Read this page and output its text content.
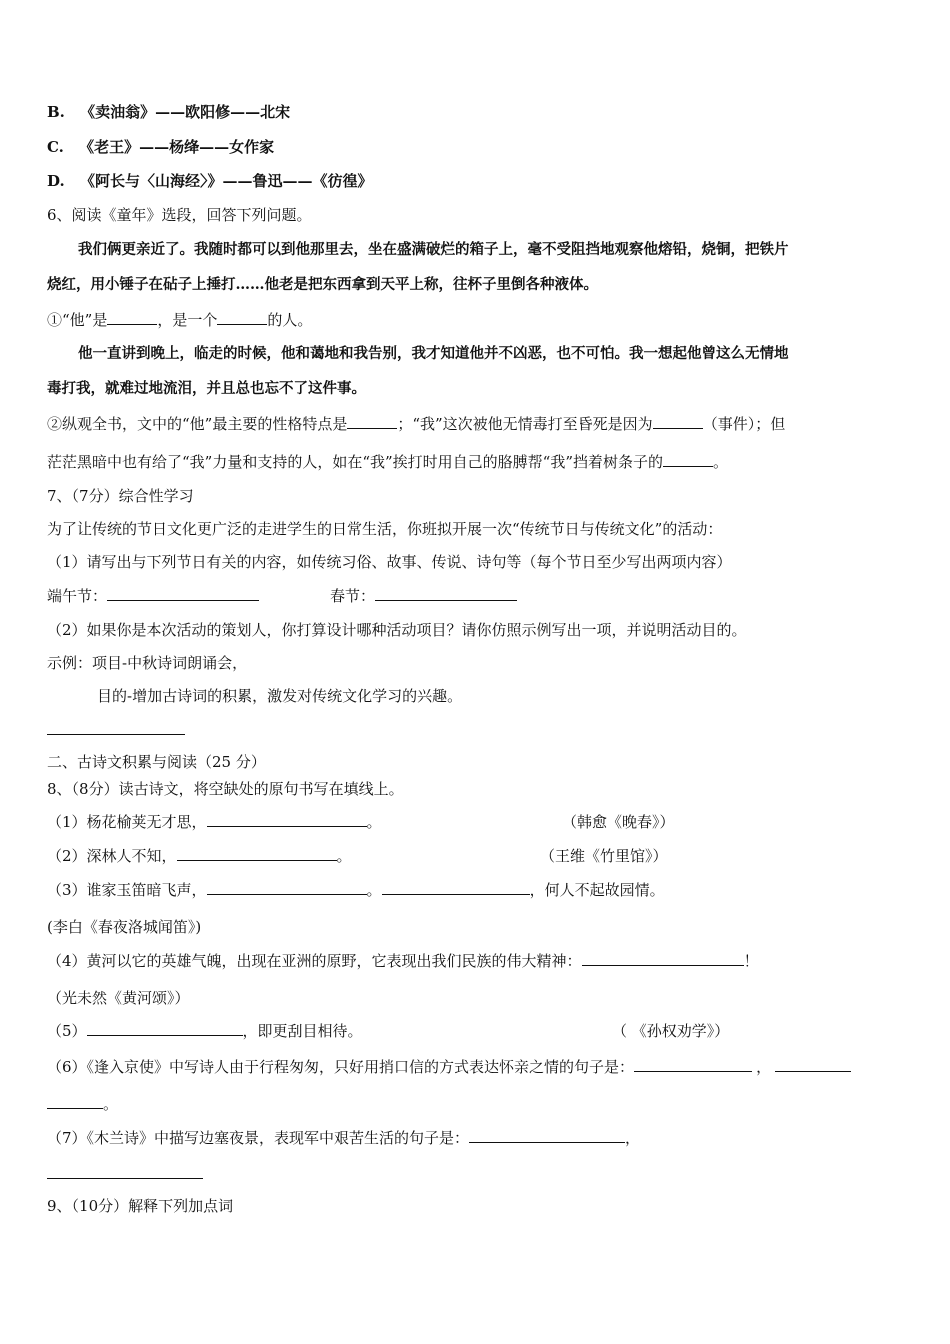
B. 《卖油翁》——欧阳修——北宋
C. 《老王》——杨绛——女作家
D. 《阿长与〈山海经〉》——鲁迅——《彷徨》
6、阅读《童年》选段，回答下列问题。
我们俩更亲近了。我随时都可以到他那里去，坐在盛满破烂的箱子上，毫不受阻挡地观察他熔铅，烧铜，把铁片
烧红，用小锤子在砧子上捶打……他老是把东西拿到天平上称，往杯子里倒各种液体。
①“他”是	，是一个	的人。
他一直讲到晚上，临走的时候，他和蔼地和我告别，我才知道他并不凶恶，也不可怕。我一想起他曾这么无情地
毒打我，就难过地流泪，并且总也忘不了这件事。
②纵观全书，文中的“他”最主要的性格特点是	；“我”这次被他无情毒打至昏死是因为	（事件）；但
茫茫黑暗中也有给了“我”力量和支持的人，如在“我”挨打时用自己的胳膊帮“我”挡着树条子的	。
7、（7分）综合性学习
为了让传统的节日文化更广泛的走进学生的日常生活，你班拟开展一次“传统节日与传统文化”的活动：
（1）请写出与下列节日有关的内容，如传统习俗、故事、传说、诗句等（每个节日至少写出两项内容）
端午节：	春节：
（2）如果你是本次活动的策划人，你打算设计哪种活动项目？请你仿照示例写出一项，并说明活动目的。
示例：项目-中秋诗词朗诵会，
目的-增加古诗词的积累，激发对传统文化学习的兴趣。
二、古诗文积累与阅读（25 分）
8、（8分）读古诗文，将空缺处的原句书写在填线上。
（1）杨花榆荚无才思，	。	（韩愈《晚春》）
（2）深林人不知，	。	（王维《竹里馆》）
（3）谁家玉笛暗飞声，	。	，何人不起故园情。
(李白《春夜洛城闻笛》)
（4）黄河以它的英雄气魄，出现在亚洲的原野，它表现出我们民族的伟大精神：	！
（光未然《黄河颂》）
（5）	，即更刮目相待。	（ 《孙权劝学》）
（6）《逢入京使》中写诗人由于行程匆匆，只好用捎口信的方式表达怀亲之情的句子是：	，
。
（7）《木兰诗》中描写边塞夜景，表现军中艰苦生活的句子是：	，
9、（10分）解释下列加点词
